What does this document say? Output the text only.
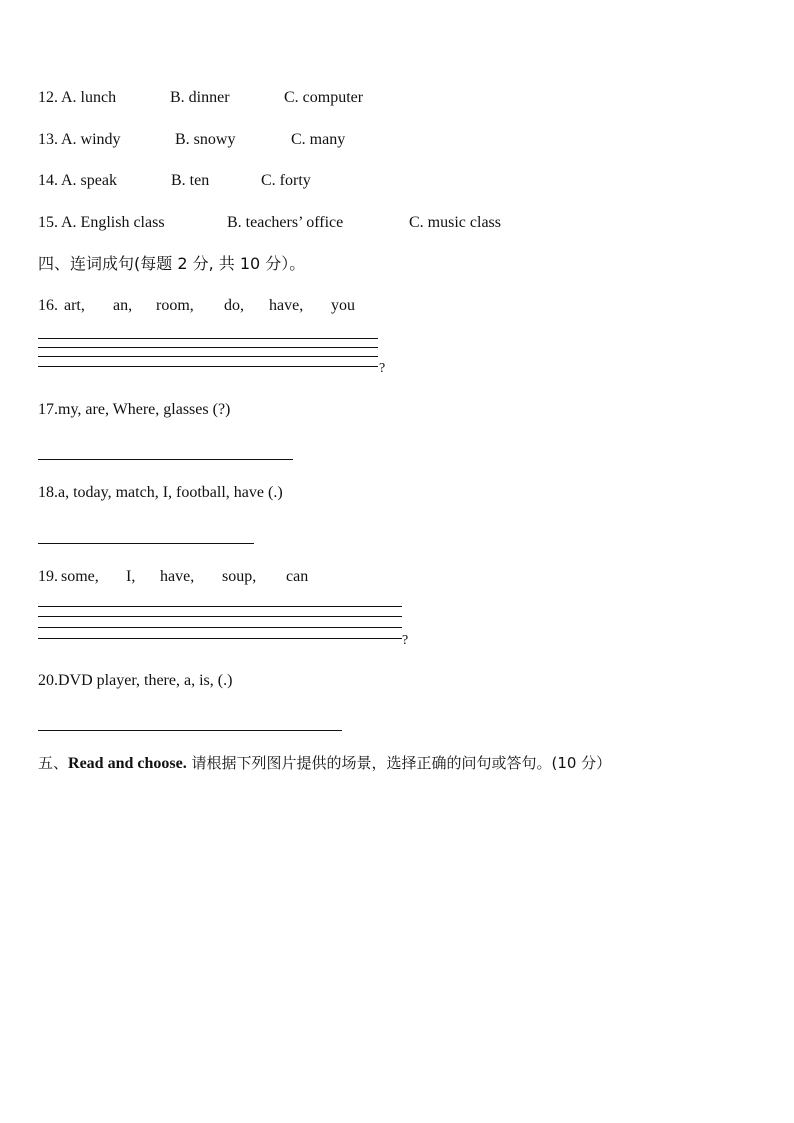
12. A. lunch	B. dinner	C. computer
13. A. windy	B. snowy	C. many
14. A. speak	B. ten	C. forty
15. A. English class	B. teachers’ office	C. music class
四、连词成句(每题 2 分, 共 10 分）。
16. art, an, room, do, have, you
?
17.my, are, Where, glasses (?)
18.a, today, match, I, football, have (.)
19. some, I, have, soup, can
?
20.DVD player, there, a, is, (.)
五、Read and choose. 请根据下列图片提供的场景，选择正确的问句或答句。(10 分）
